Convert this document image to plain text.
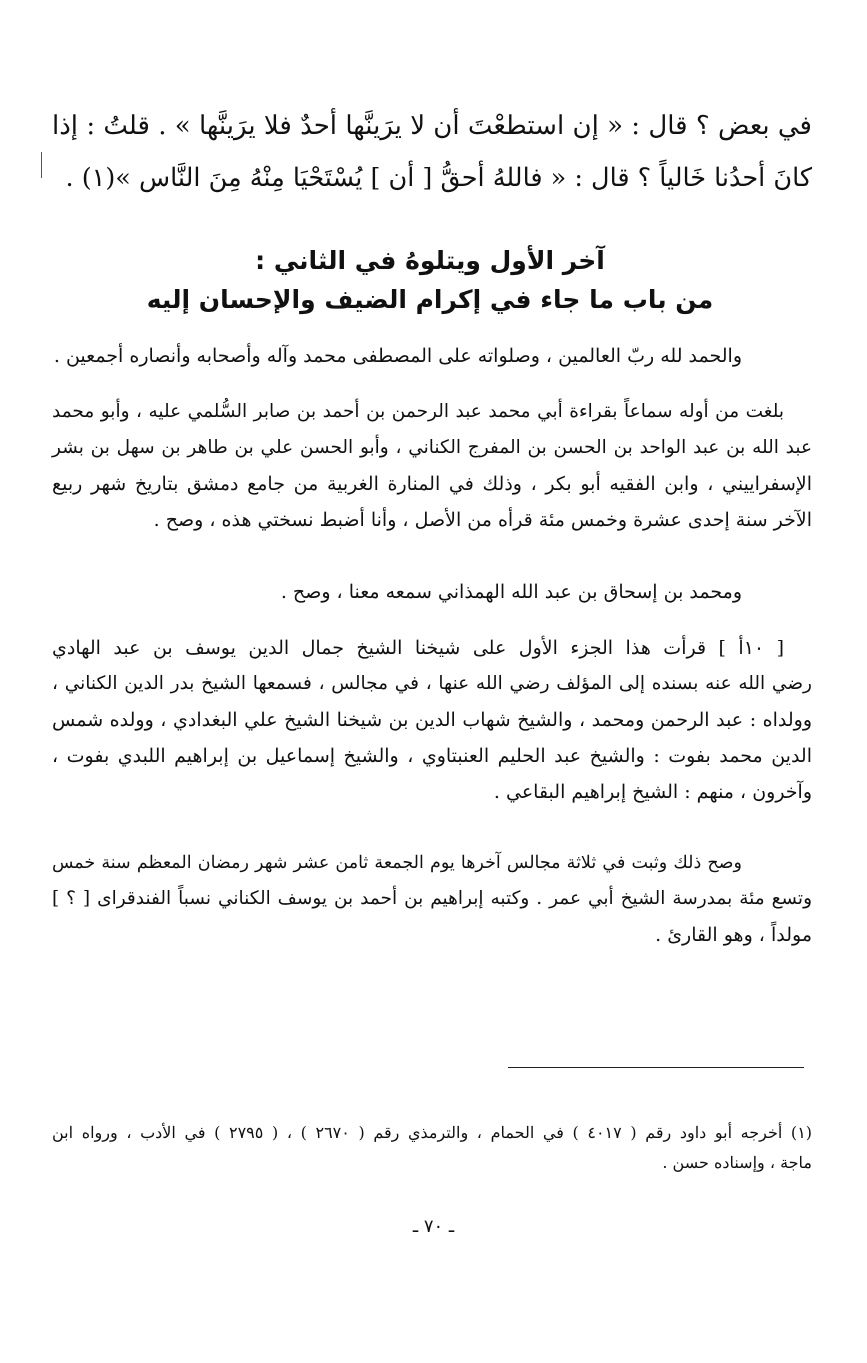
في بعض ؟ قال : « إن استطعْتَ أن لا يرَينَّها أحدٌ فلا يرَينَّها » . قلتُ : إذا
كانَ أحدُنا خَالياً ؟ قال : « فاللهُ أحقُّ [ أن ] يُسْتَحْيَا مِنْهُ مِنَ النَّاس »(١) .
آخر الأول ويتلوهُ في الثاني :
من باب ما جاء في إكرام الضيف والإحسان إليه
والحمد لله ربّ العالمين ، وصلواته على المصطفى محمد وآله وأصحابه وأنصاره أجمعين .
بلغت من أوله سماعاً بقراءة أبي محمد عبد الرحمن بن أحمد بن صابر السُّلمي عليه ، وأبو محمد
عبد الله بن عبد الواحد بن الحسن بن المفرج الكناني ، وأبو الحسن علي بن طاهر بن سهل بن بشر
الإسفراييني ، وابن الفقيه أبو بكر ، وذلك في المنارة الغربية من جامع دمشق بتاريخ شهر ربيع
الآخر سنة إحدى عشرة وخمس مئة قرأه من الأصل ، وأنا أضبط نسختي هذه ، وصح .
ومحمد بن إسحاق بن عبد الله الهمذاني سمعه معنا ، وصح .
[ ١٠أ ] قرأت هذا الجزء الأول على شيخنا الشيخ جمال الدين يوسف بن عبد الهادي
رضي الله عنه بسنده إلى المؤلف رضي الله عنها ، في مجالس ، فسمعها الشيخ بدر الدين الكناني ،
وولداه : عبد الرحمن ومحمد ، والشيخ شهاب الدين بن شيخنا الشيخ علي البغدادي ، وولده شمس
الدين محمد بفوت : والشيخ عبد الحليم العنبتاوي ، والشيخ إسماعيل بن إبراهيم اللبدي بفوت ،
وآخرون ، منهم : الشيخ إبراهيم البقاعي .
وصح ذلك وثبت في ثلاثة مجالس آخرها يوم الجمعة ثامن عشر شهر رمضان المعظم سنة خمس
وتسع مئة بمدرسة الشيخ أبي عمر . وكتبه إبراهيم بن أحمد بن يوسف الكناني نسباً الفندقراى [ ؟ ]
مولداً ، وهو القارئ .
(١) أخرجه أبو داود رقم ( ٤٠١٧ ) في الحمام ، والترمذي رقم ( ٢٦٧٠ ) ، ( ٢٧٩٥ ) في الأدب ، ورواه ابن
ماجة ، وإسناده حسن .
ـ ٧٠ ـ
